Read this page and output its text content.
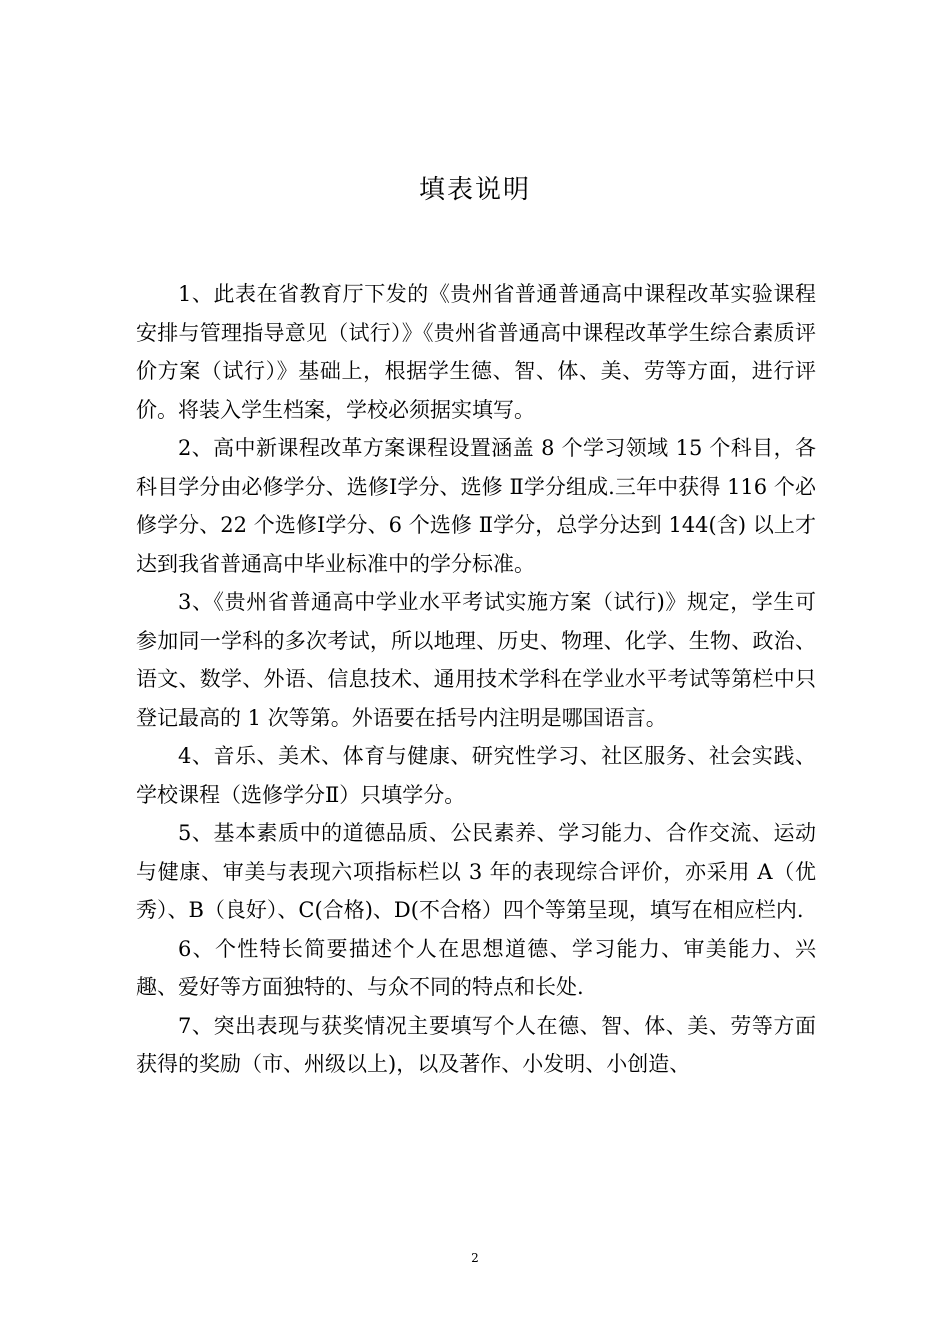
填表说明

1、此表在省教育厅下发的《贵州省普通普通高中课程改革实验课程安排与管理指导意见（试行）》《贵州省普通高中课程改革学生综合素质评价方案（试行）》基础上，根据学生德、智、体、美、劳等方面，进行评价。将装入学生档案，学校必须据实填写。

2、高中新课程改革方案课程设置涵盖 8 个学习领域 15 个科目，各科目学分由必修学分、选修Ⅰ学分、选修 Ⅱ学分组成.三年中获得 116 个必修学分、22 个选修Ⅰ学分、6 个选修 Ⅱ学分，总学分达到 144(含) 以上才达到我省普通高中毕业标准中的学分标准。

3、《贵州省普通高中学业水平考试实施方案（试行)》规定，学生可参加同一学科的多次考试，所以地理、历史、物理、化学、生物、政治、语文、数学、外语、信息技术、通用技术学科在学业水平考试等第栏中只登记最高的 1 次等第。外语要在括号内注明是哪国语言。

4、音乐、美术、体育与健康、研究性学习、社区服务、社会实践、学校课程（选修学分Ⅱ）只填学分。

5、基本素质中的道德品质、公民素养、学习能力、合作交流、运动与健康、审美与表现六项指标栏以 3 年的表现综合评价，亦采用 A（优秀）、B（良好）、C(合格)、D(不合格）四个等第呈现，填写在相应栏内.

6、个性特长简要描述个人在思想道德、学习能力、审美能力、兴趣、爱好等方面独特的、与众不同的特点和长处.

7、突出表现与获奖情况主要填写个人在德、智、体、美、劳等方面获得的奖励（市、州级以上)，以及著作、小发明、小创造、

2
